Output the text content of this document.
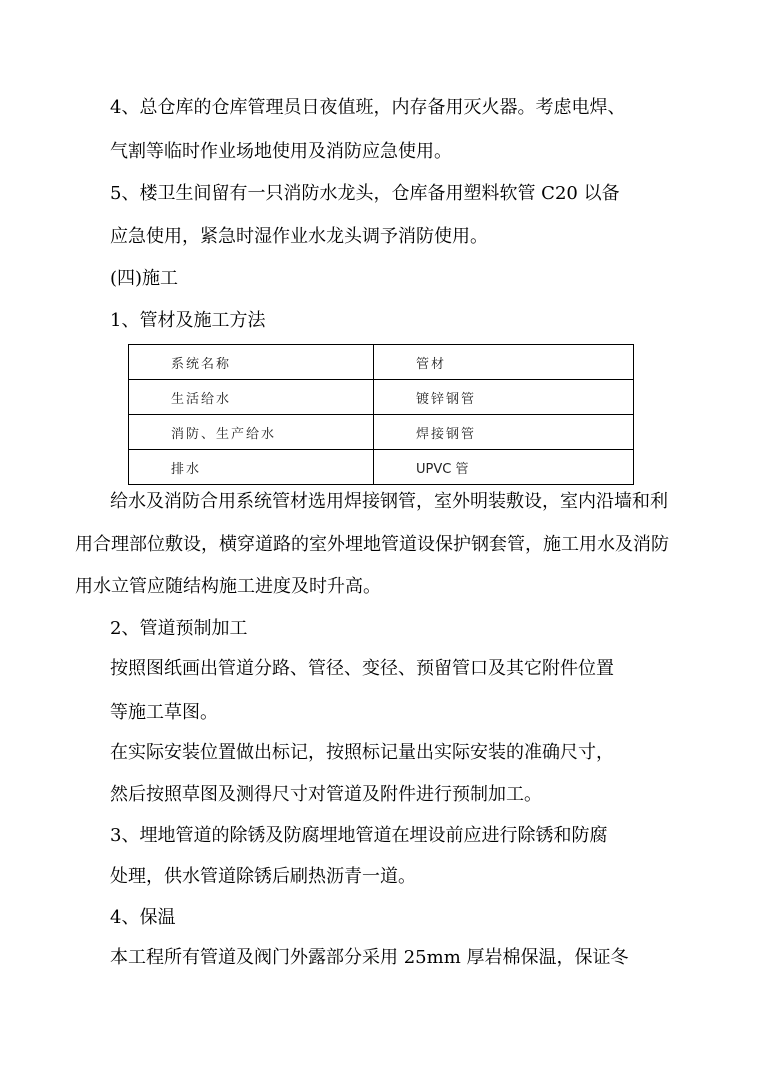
4、总仓库的仓库管理员日夜值班，内存备用灭火器。考虑电焊、
气割等临时作业场地使用及消防应急使用。
5、楼卫生间留有一只消防水龙头，仓库备用塑料软管 C20 以备
应急使用，紧急时湿作业水龙头调予消防使用。
(四)施工
1、管材及施工方法
系统名称	管材
生活给水	镀锌钢管
消防、生产给水	焊接钢管
排水	UPVC 管
给水及消防合用系统管材选用焊接钢管，室外明装敷设，室内沿墙和利
用合理部位敷设，横穿道路的室外埋地管道设保护钢套管，施工用水及消防
用水立管应随结构施工进度及时升高。
2、管道预制加工
按照图纸画出管道分路、管径、变径、预留管口及其它附件位置
等施工草图。
在实际安装位置做出标记，按照标记量出实际安装的准确尺寸，
然后按照草图及测得尺寸对管道及附件进行预制加工。
3、埋地管道的除锈及防腐埋地管道在埋设前应进行除锈和防腐
处理，供水管道除锈后刷热沥青一道。
4、保温
本工程所有管道及阀门外露部分采用 25mm 厚岩棉保温，保证冬
